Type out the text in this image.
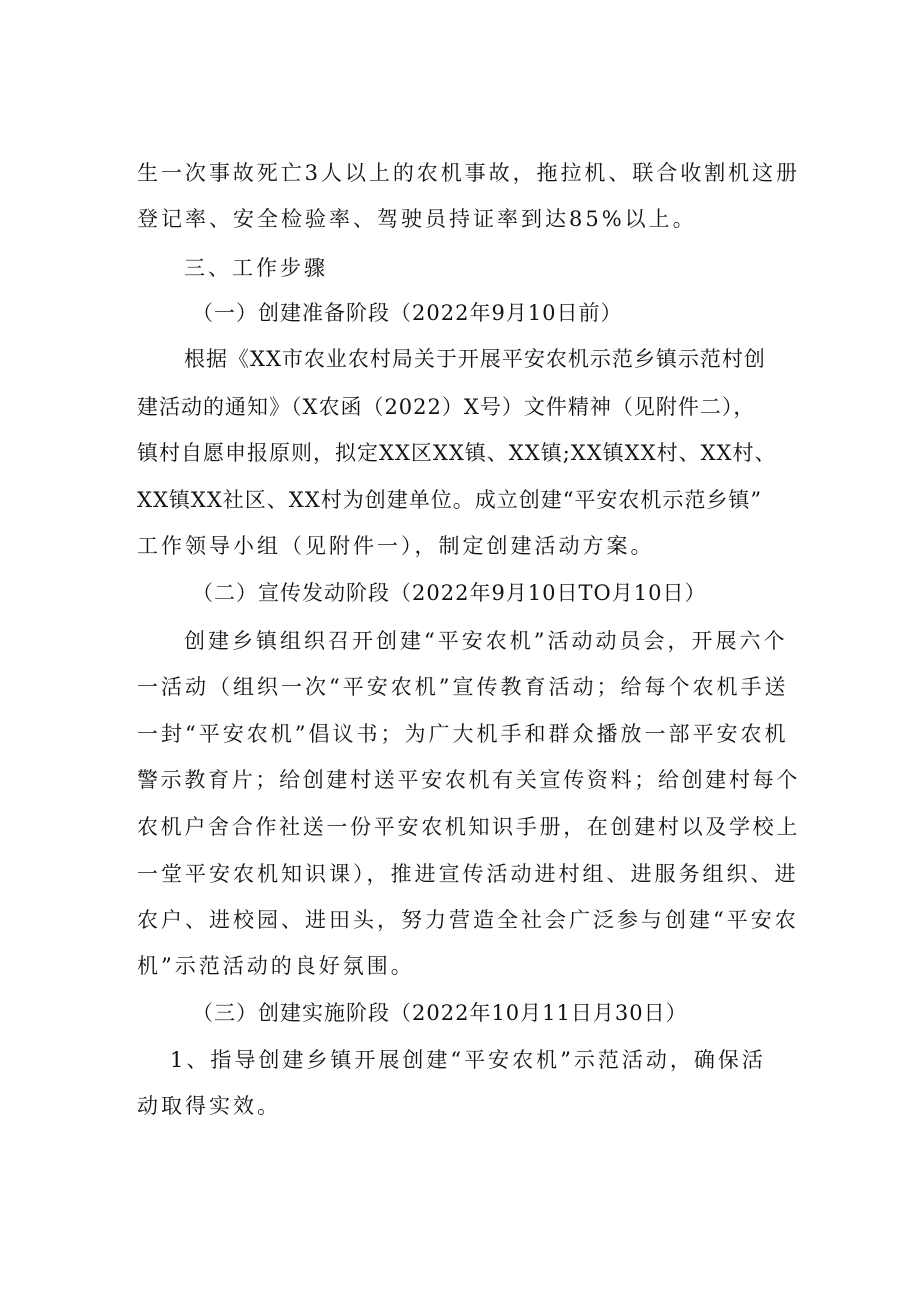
生一次事故死亡3人以上的农机事故，拖拉机、联合收割机这册
登记率、安全检验率、驾驶员持证率到达85%以上。
三、工作步骤
（一）创建准备阶段（2022年9月10日前）
根据《XX市农业农村局关于开展平安农机示范乡镇示范村创
建活动的通知》（X农函（2022）X号）文件精神（见附件二），
镇村自愿申报原则，拟定XX区XX镇、XX镇;XX镇XX村、XX村、
XX镇XX社区、XX村为创建单位。成立创建“平安农机示范乡镇”
工作领导小组（见附件一），制定创建活动方案。
（二）宣传发动阶段（2022年9月10日TO月10日）
创建乡镇组织召开创建“平安农机”活动动员会，开展六个
一活动（组织一次“平安农机”宣传教育活动；给每个农机手送
一封“平安农机”倡议书；为广大机手和群众播放一部平安农机
警示教育片；给创建村送平安农机有关宣传资料；给创建村每个
农机户舍合作社送一份平安农机知识手册，在创建村以及学校上
一堂平安农机知识课），推进宣传活动进村组、进服务组织、进
农户、进校园、进田头，努力营造全社会广泛参与创建“平安农
机”示范活动的良好氛围。
（三）创建实施阶段（2022年10月11日月30日）
1、指导创建乡镇开展创建“平安农机”示范活动，确保活
动取得实效。
